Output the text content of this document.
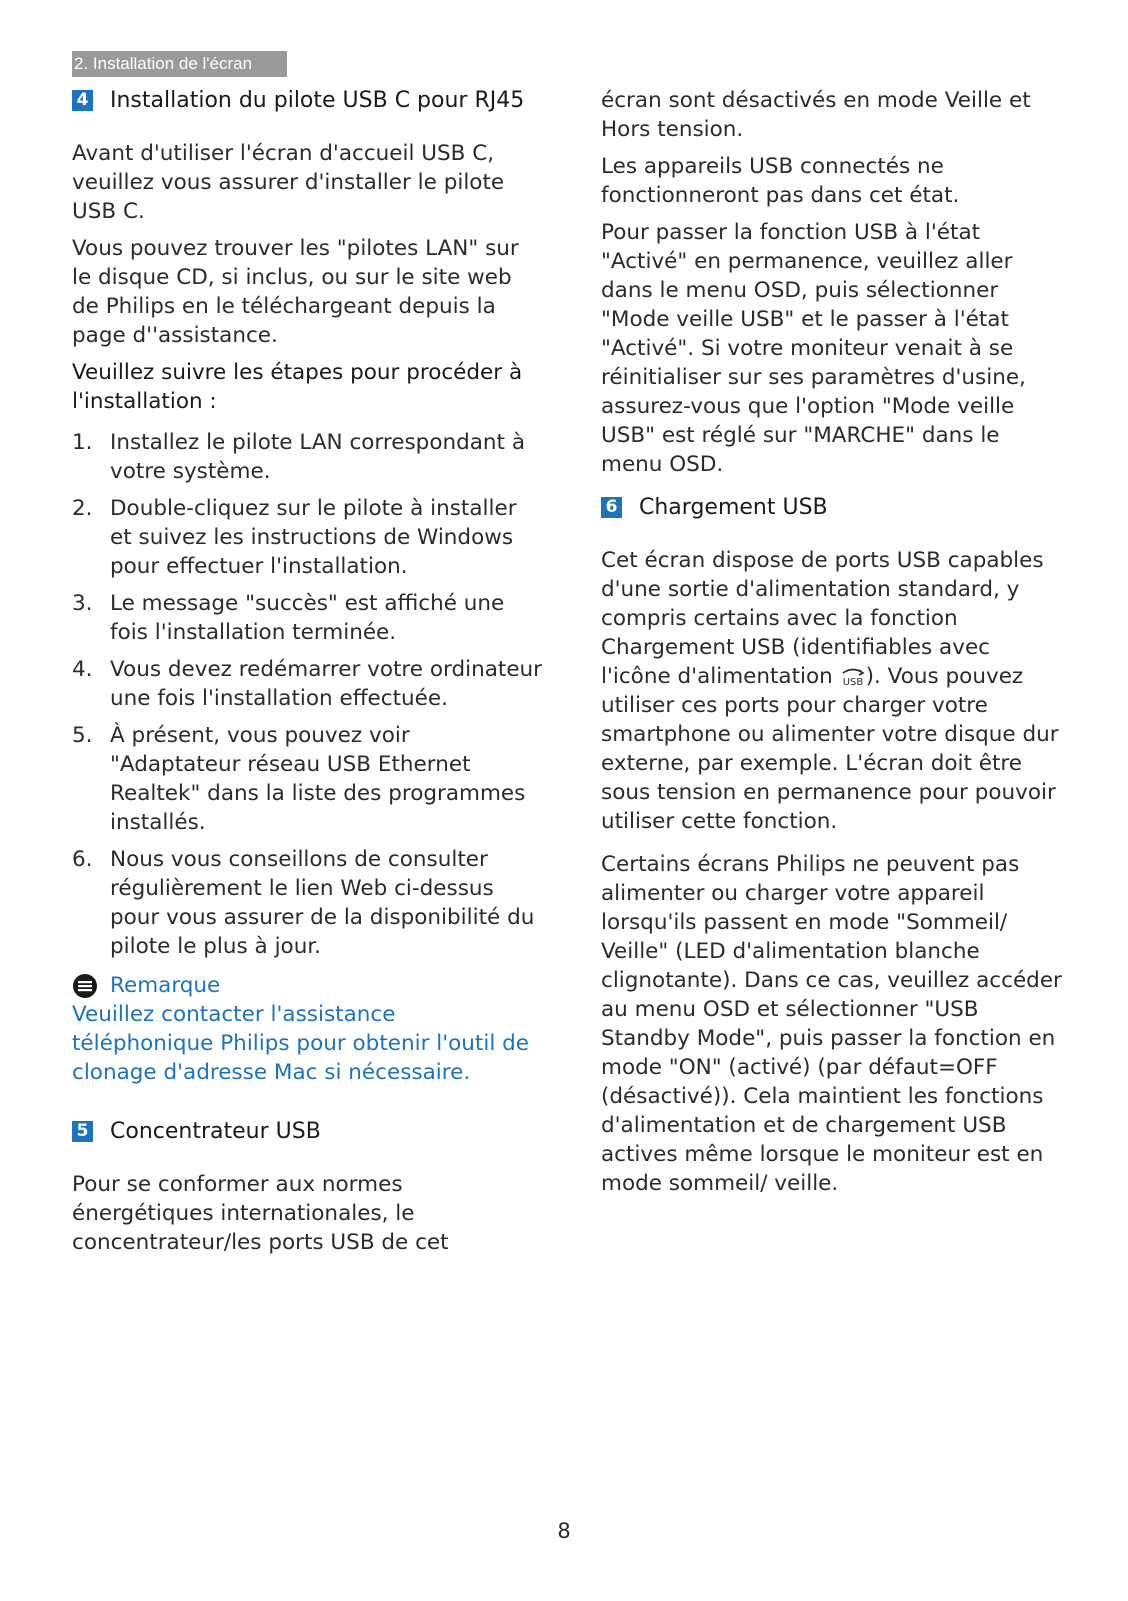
2. Installation de l'écran
4 Installation du pilote USB C pour RJ45

Avant d'utiliser l'écran d'accueil USB C, veuillez vous assurer d'installer le pilote USB C.

Vous pouvez trouver les "pilotes LAN" sur le disque CD, si inclus, ou sur le site web de Philips en le téléchargeant depuis la page d''assistance.

Veuillez suivre les étapes pour procéder à l'installation :

1. Installez le pilote LAN correspondant à votre système.
2. Double-cliquez sur le pilote à installer et suivez les instructions de Windows pour effectuer l'installation.
3. Le message "succès" est affiché une fois l'installation terminée.
4. Vous devez redémarrer votre ordinateur une fois l'installation effectuée.
5. À présent, vous pouvez voir "Adaptateur réseau USB Ethernet Realtek" dans la liste des programmes installés.
6. Nous vous conseillons de consulter régulièrement le lien Web ci-dessus pour vous assurer de la disponibilité du pilote le plus à jour.
Remarque
Veuillez contacter l'assistance téléphonique Philips pour obtenir l'outil de clonage d'adresse Mac si nécessaire.
5 Concentrateur USB

Pour se conformer aux normes énergétiques internationales, le concentrateur/les ports USB de cet

écran sont désactivés en mode Veille et Hors tension.

Les appareils USB connectés ne fonctionneront pas dans cet état.

Pour passer la fonction USB à l'état "Activé" en permanence, veuillez aller dans le menu OSD, puis sélectionner "Mode veille USB" et le passer à l'état "Activé". Si votre moniteur venait à se réinitialiser sur ses paramètres d'usine, assurez-vous que l'option "Mode veille USB" est réglé sur "MARCHE" dans le menu OSD.

6 Chargement USB

Cet écran dispose de ports USB capables d'une sortie d'alimentation standard, y compris certains avec la fonction Chargement USB (identifiables avec l'icône d'alimentation USB ). Vous pouvez utiliser ces ports pour charger votre smartphone ou alimenter votre disque dur externe, par exemple. L'écran doit être sous tension en permanence pour pouvoir utiliser cette fonction.

Certains écrans Philips ne peuvent pas alimenter ou charger votre appareil lorsqu'ils passent en mode "Sommeil/ Veille" (LED d'alimentation blanche clignotante). Dans ce cas, veuillez accéder au menu OSD et sélectionner "USB Standby Mode", puis passer la fonction en mode "ON" (activé) (par défaut=OFF (désactivé)). Cela maintient les fonctions d'alimentation et de chargement USB actives même lorsque le moniteur est en mode sommeil/ veille.

8
